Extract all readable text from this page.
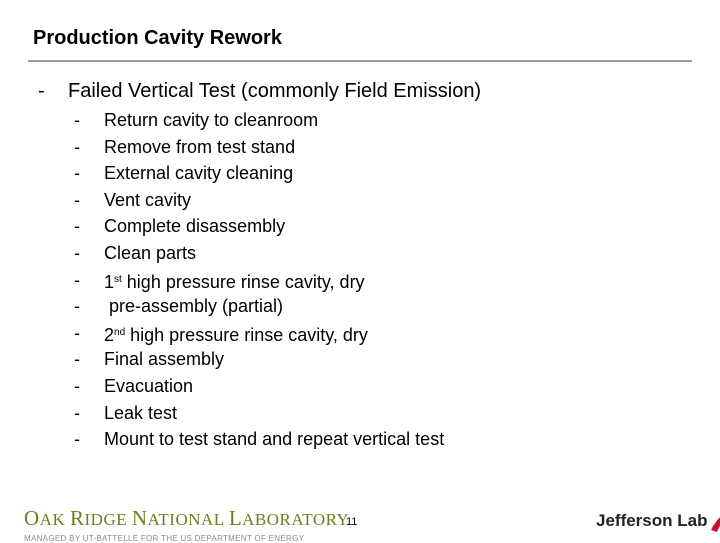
Production Cavity Rework
- Failed Vertical Test (commonly Field Emission)
-	Return cavity to cleanroom
-	Remove from test stand
-	External cavity cleaning
-	Vent cavity
-	Complete disassembly
-	Clean parts
-	1st high pressure rinse cavity, dry
-	pre-assembly (partial)
-	2nd high pressure rinse cavity, dry
-	Final assembly
-	Evacuation
-	Leak test
-	Mount to test stand and repeat vertical test
OAK RIDGE NATIONAL LABORATORY
MANAGED BY UT-BATTELLE FOR THE US DEPARTMENT OF ENERGY
11	Jefferson Lab
